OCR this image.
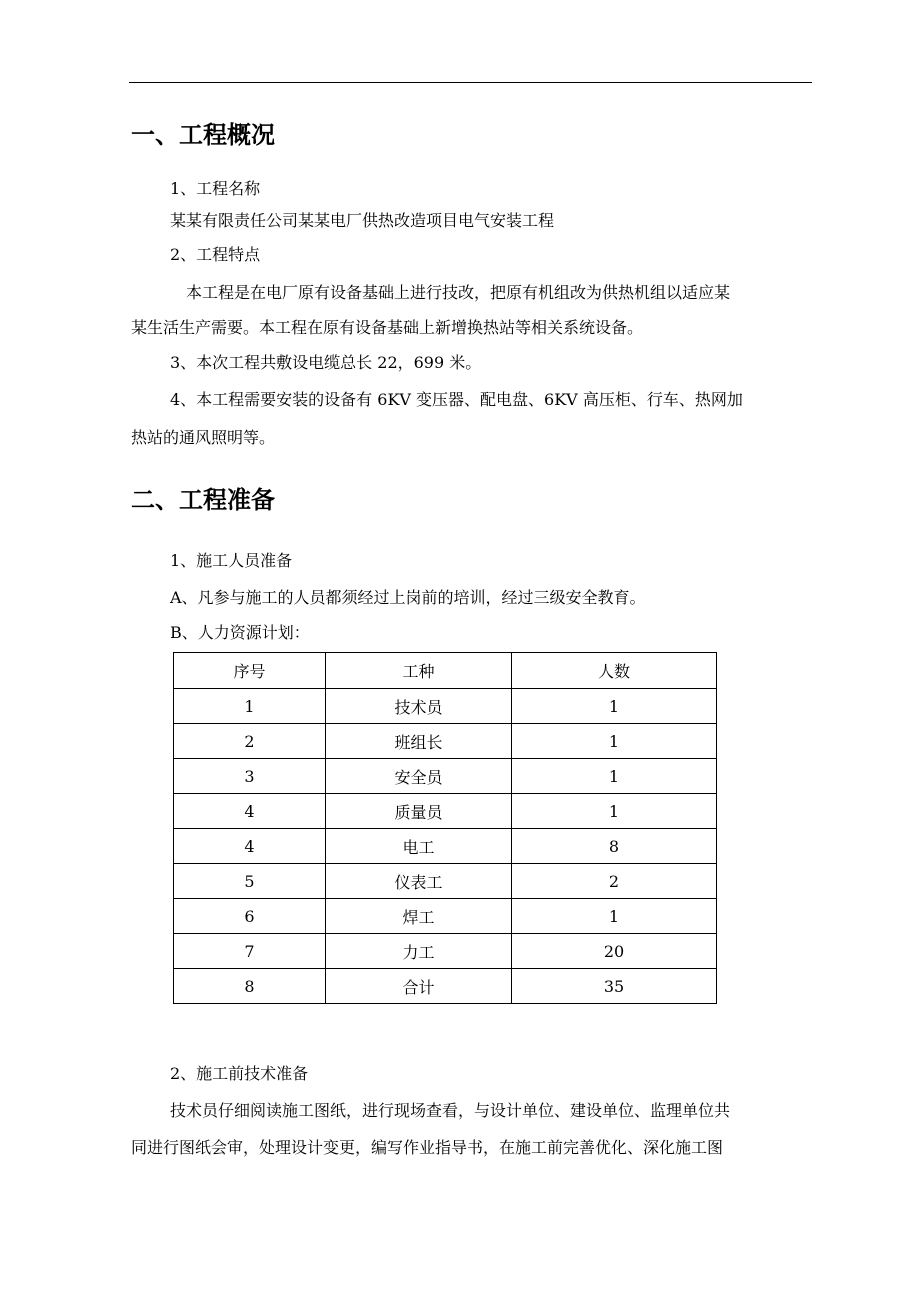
一、工程概况

1、工程名称

某某有限责任公司某某电厂供热改造项目电气安装工程

2、工程特点

本工程是在电厂原有设备基础上进行技改，把原有机组改为供热机组以适应某

某生活生产需要。本工程在原有设备基础上新增换热站等相关系统设备。

3、本次工程共敷设电缆总长 22，699 米。

4、本工程需要安装的设备有 6KV 变压器、配电盘、6KV 高压柜、行车、热网加

热站的通风照明等。

二、工程准备

1、施工人员准备

A、凡参与施工的人员都须经过上岗前的培训，经过三级安全教育。

B、人力资源计划：

序号	工种	人数
1	技术员	1
2	班组长	1
3	安全员	1
4	质量员	1
4	电工	8
5	仪表工	2
6	焊工	1
7	力工	20
8	合计	35

2、施工前技术准备

技术员仔细阅读施工图纸，进行现场查看，与设计单位、建设单位、监理单位共

同进行图纸会审，处理设计变更，编写作业指导书，在施工前完善优化、深化施工图
